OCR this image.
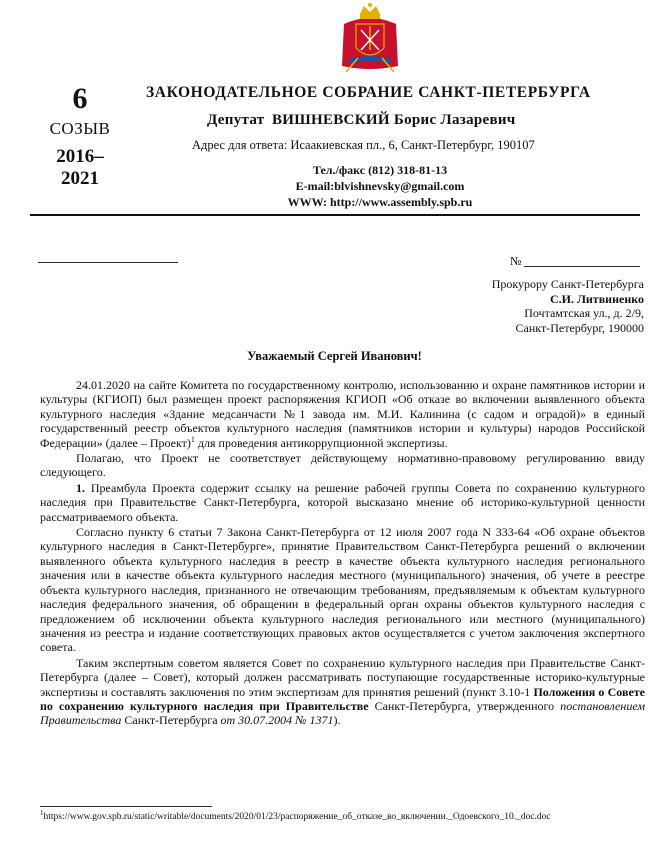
6
СОЗЫВ
2016–
2021
ЗАКОНОДАТЕЛЬНОЕ СОБРАНИЕ САНКТ-ПЕТЕРБУРГА
Депутат ВИШНЕВСКИЙ Борис Лазаревич
Адрес для ответа: Исаакиевская пл., 6, Санкт-Петербург, 190107
Тел./факс (812) 318-81-13
E-mail:blvishnevsky@gmail.com
WWW: http://www.assembly.spb.ru
№
Прокурору Санкт-Петербурга
С.И. Литвиненко
Почтамтская ул., д. 2/9,
Санкт-Петербург, 190000
Уважаемый Сергей Иванович!

24.01.2020 на сайте Комитета по государственному контролю, использованию и охране памятников истории и культуры (КГИОП) был размещен проект распоряжения КГИОП «Об отказе во включении выявленного объекта культурного наследия «Здание медсанчасти №1 завода им. М.И. Калинина (с садом и оградой)» в единый государственный реестр объектов культурного наследия (памятников истории и культуры) народов Российской Федерации» (далее – Проект)$^1$ для проведения антикоррупционной экспертизы.

Полагаю, что Проект не соответствует действующему нормативно-правовому регулированию ввиду следующего.

1. Преамбула Проекта содержит ссылку на решение рабочей группы Совета по сохранению культурного наследия при Правительстве Санкт-Петербурга, которой высказано мнение об историко-культурной ценности рассматриваемого объекта.

Согласно пункту 6 статьи 7 Закона Санкт-Петербурга от 12 июля 2007 года N 333-64 «Об охране объектов культурного наследия в Санкт-Петербурге», принятие Правительством Санкт-Петербурга решений о включении выявленного объекта культурного наследия в реестр в качестве объекта культурного наследия регионального значения или в качестве объекта культурного наследия местного (муниципального) значения, об учете в реестре объекта культурного наследия, признанного не отвечающим требованиям, предъявляемым к объектам культурного наследия федерального значения, об обращении в федеральный орган охраны объектов культурного наследия с предложением об исключении объекта культурного наследия регионального или местного (муниципального) значения из реестра и издание соответствующих правовых актов осуществляется с учетом заключения экспертного совета.

Таким экспертным советом является Совет по сохранению культурного наследия при Правительстве Санкт-Петербурга (далее – Совет), который должен рассматривать поступающие государственные историко-культурные экспертизы и составлять заключения по этим экспертизам для принятия решений (пункт 3.10-1 Положения о Совете по сохранению культурного наследия при Правительстве Санкт-Петербурга, утвержденного постановлением Правительства Санкт-Петербурга от 30.07.2004 № 1371).

$^1$https://www.gov.spb.ru/static/writable/documents/2020/01/23/распоряжение_об_отказе_во_включении._Одоевского_10._doc.doc
